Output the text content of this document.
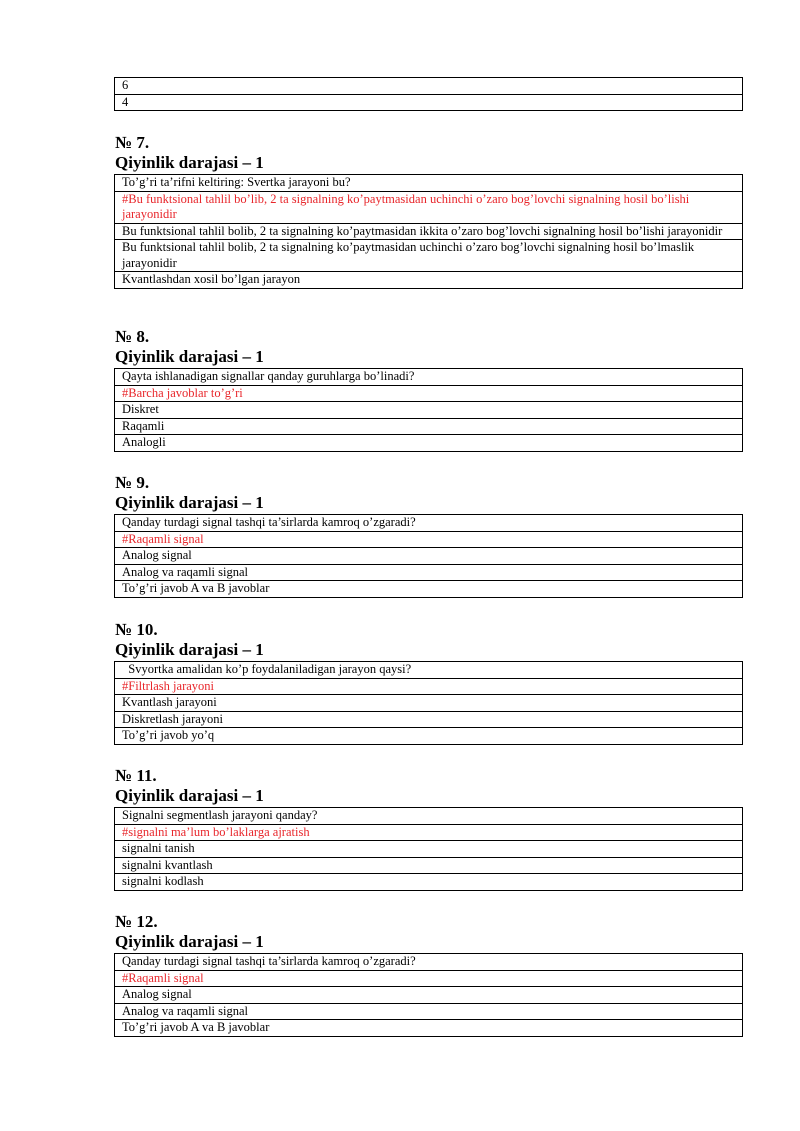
6
4
№ 7.
Qiyinlik darajasi – 1
To’g’ri ta’rifni keltiring: Svertka jarayoni bu?
#Bu funktsional tahlil bo’lib, 2 ta signalning ko’paytmasidan uchinchi o’zaro bog’lovchi signalning hosil bo’lishi jarayonidir
Bu funktsional tahlil bolib, 2 ta signalning ko’paytmasidan ikkita o’zaro bog’lovchi signalning hosil bo’lishi jarayonidir
Bu funktsional tahlil bolib, 2 ta signalning ko’paytmasidan uchinchi o’zaro bog’lovchi signalning hosil bo’lmaslik jarayonidir
Kvantlashdan xosil bo’lgan jarayon
№ 8.
Qiyinlik darajasi – 1
Qayta ishlanadigan signallar qanday guruhlarga bo’linadi?
#Barcha javoblar to’g’ri
Diskret
Raqamli
Analogli
№ 9.
Qiyinlik darajasi – 1
Qanday turdagi signal tashqi ta’sirlarda kamroq o’zgaradi?
#Raqamli signal
Analog signal
Analog va raqamli signal
To’g’ri javob A va B javoblar
№ 10.
Qiyinlik darajasi – 1
Svyortka amalidan ko’p foydalaniladigan jarayon qaysi?
#Filtrlash jarayoni
Kvantlash jarayoni
Diskretlash jarayoni
To’g’ri javob yo’q
№ 11.
Qiyinlik darajasi – 1
Signalni segmentlash jarayoni qanday?
#signalni ma’lum bo’laklarga ajratish
signalni tanish
signalni kvantlash
signalni kodlash
№ 12.
Qiyinlik darajasi – 1
Qanday turdagi signal tashqi ta’sirlarda kamroq o’zgaradi?
#Raqamli signal
Analog signal
Analog va raqamli signal
To’g’ri javob A va B javoblar
